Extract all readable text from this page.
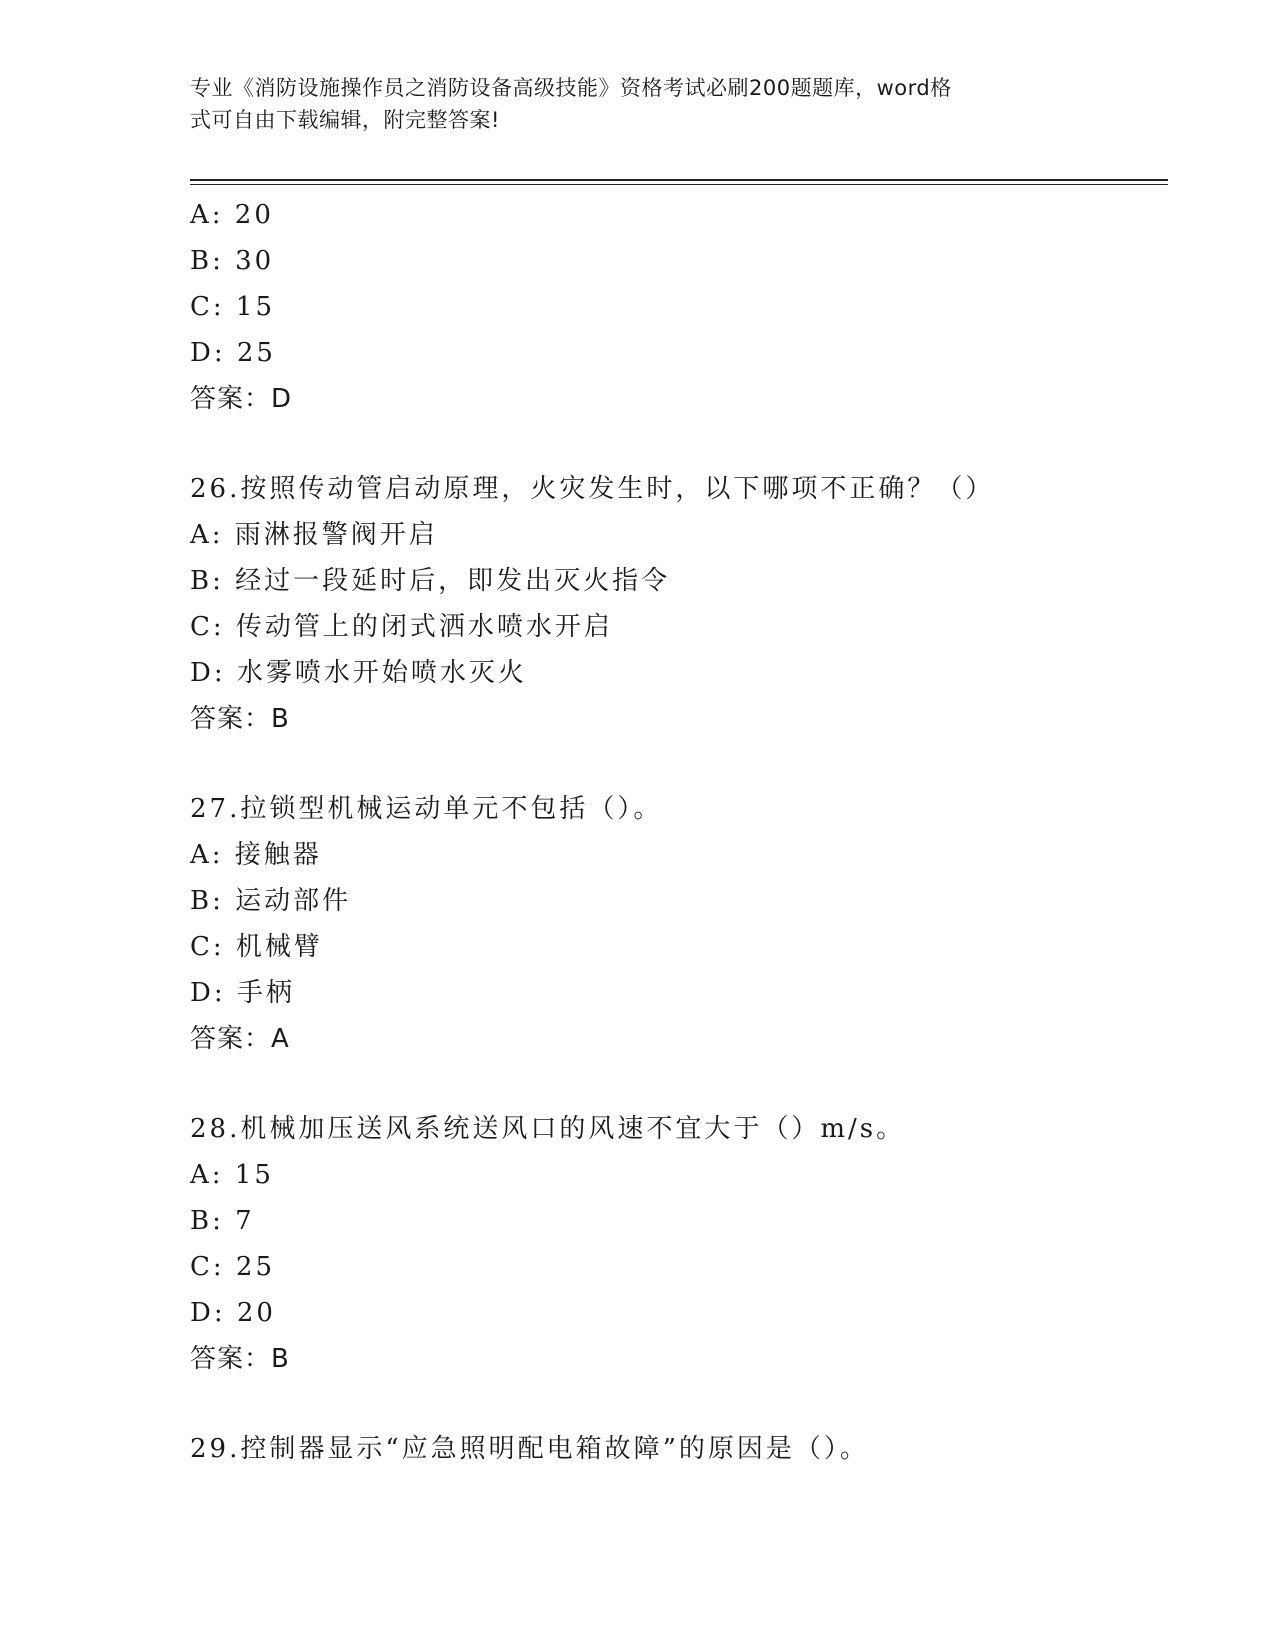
专业《消防设施操作员之消防设备高级技能》资格考试必刷200题题库，word格
式可自由下载编辑，附完整答案!
A: 20
B: 30
C: 15
D: 25
答案：D
26.按照传动管启动原理，火灾发生时，以下哪项不正确？（）
A: 雨淋报警阀开启
B: 经过一段延时后，即发出灭火指令
C: 传动管上的闭式洒水喷水开启
D: 水雾喷水开始喷水灭火
答案：B
27.拉锁型机械运动单元不包括（）。
A: 接触器
B: 运动部件
C: 机械臂
D: 手柄
答案：A
28.机械加压送风系统送风口的风速不宜大于（）m/s。
A: 15
B: 7
C: 25
D: 20
答案：B
29.控制器显示“应急照明配电箱故障”的原因是（）。
